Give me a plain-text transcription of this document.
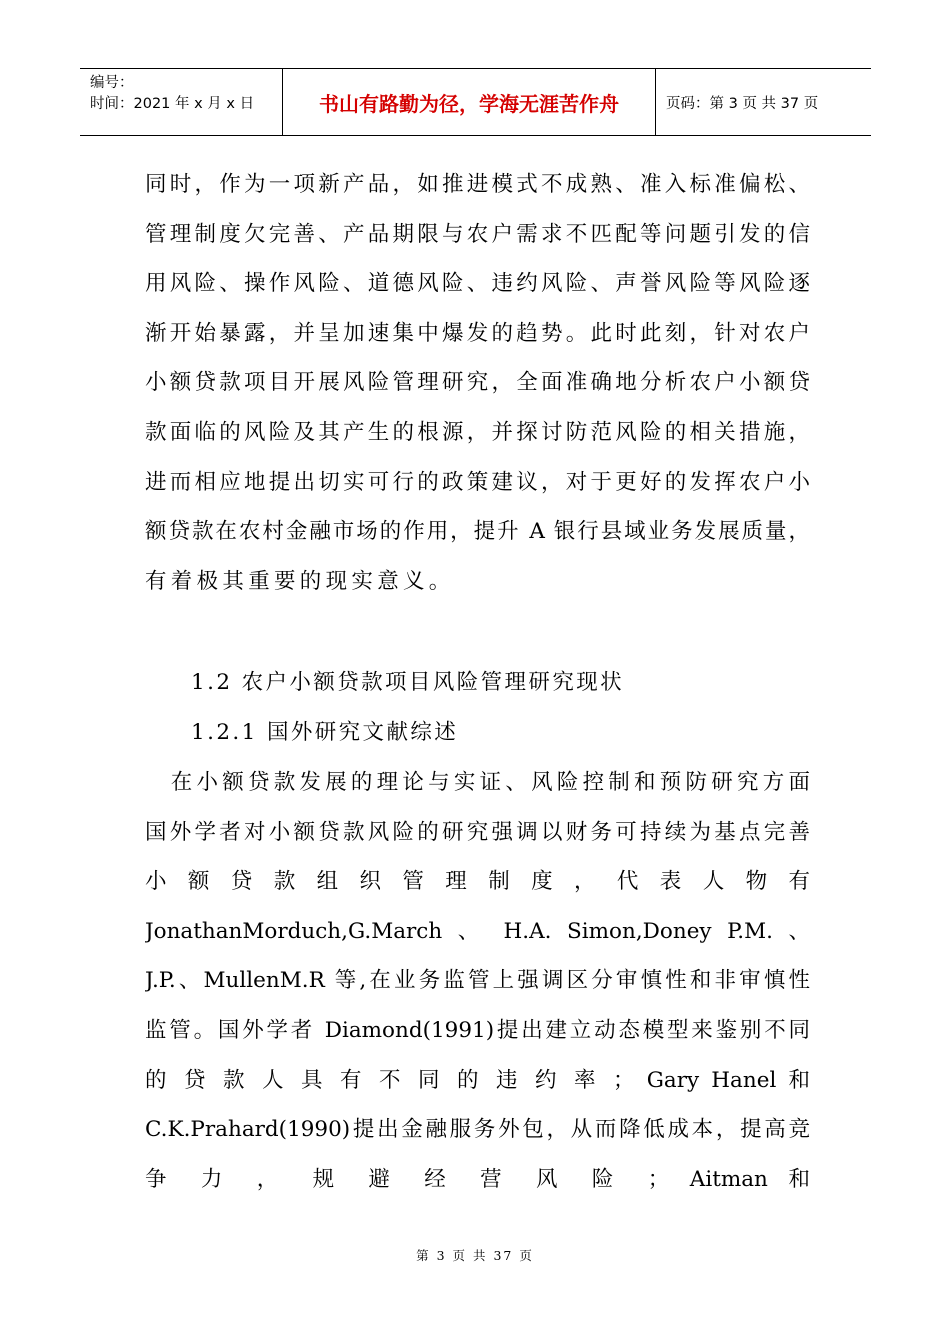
编号：
时间：2021 年 x 月 x 日	书山有路勤为径，学海无涯苦作舟	页码：第 3 页 共 37 页

同时，作为一项新产品，如推进模式不成熟、准入标准偏松、

管理制度欠完善、产品期限与农户需求不匹配等问题引发的信

用风险、操作风险、道德风险、违约风险、声誉风险等风险逐

渐开始暴露，并呈加速集中爆发的趋势。此时此刻，针对农户

小额贷款项目开展风险管理研究，全面准确地分析农户小额贷

款面临的风险及其产生的根源，并探讨防范风险的相关措施，

进而相应地提出切实可行的政策建议，对于更好的发挥农户小

额贷款在农村金融市场的作用，提升 A 银行县域业务发展质量，

有着极其重要的现实意义。

1.2 农户小额贷款项目风险管理研究现状

1.2.1 国外研究文献综述

　在小额贷款发展的理论与实证、风险控制和预防研究方面

国外学者对小额贷款风险的研究强调以财务可持续为基点完善

小 额 贷 款 组 织 管 理 制 度 ， 代 表 人 物 有

JonathanMorduch,G.March 、 H.A. Simon,Doney P.M. 、

J.P.、MullenM.R 等,在业务监管上强调区分审慎性和非审慎性

监管。国外学者 Diamond(1991)提出建立动态模型来鉴别不同

的 贷 款 人 具 有 不 同 的 违 约 率 ； Gary Hanel 和

C.K.Prahard(1990)提出金融服务外包，从而降低成本，提高竞

争 力 ， 规 避 经 营 风 险 ； Aitman 和

第 3 页 共 37 页
